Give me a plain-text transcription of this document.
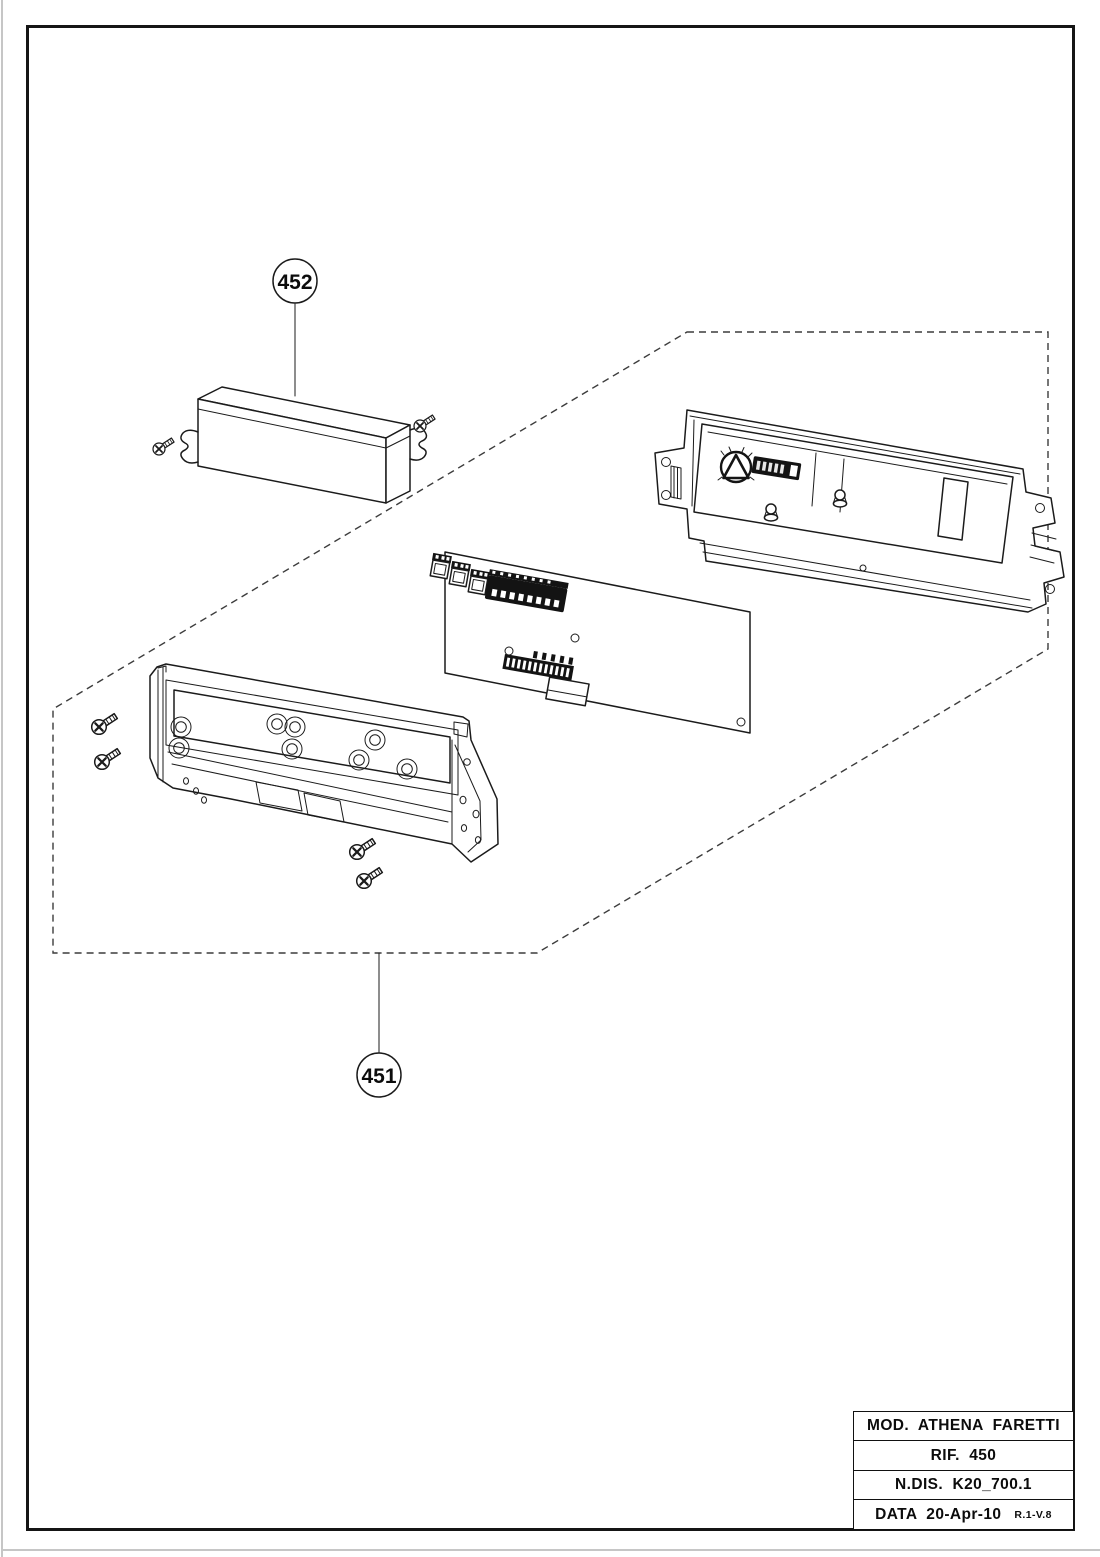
452
451
MOD.  ATHENA  FARETTI
RIF.  450
N.DIS.  K20_700.1
DATA  20-Apr-10 R.1-V.8
